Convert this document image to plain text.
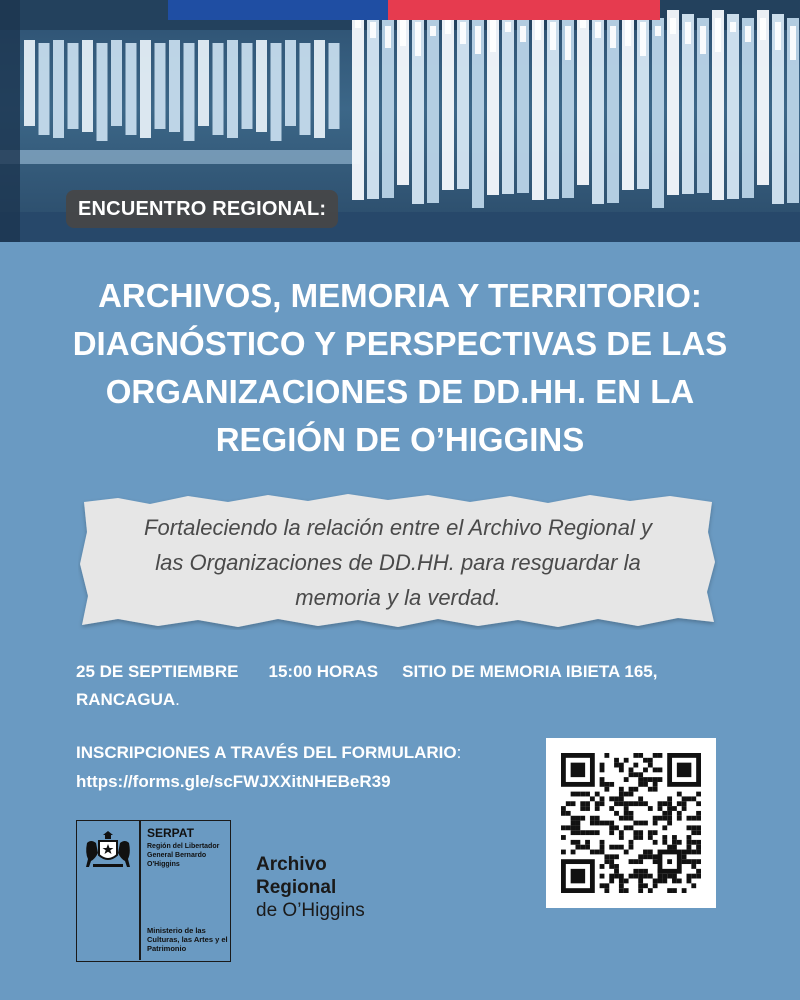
ENCUENTRO REGIONAL:
ARCHIVOS, MEMORIA Y TERRITORIO:
DIAGNÓSTICO Y PERSPECTIVAS DE LAS
ORGANIZACIONES DE DD.HH. EN LA
REGIÓN DE O’HIGGINS
Fortaleciendo la relación entre el Archivo Regional y
las Organizaciones de DD.HH. para resguardar la
memoria y la verdad.
25 DE SEPTIEMBRE 15:00 HORAS SITIO DE MEMORIA IBIETA 165,
RANCAGUA.
INSCRIPCIONES A TRAVÉS DEL FORMULARIO:
https://forms.gle/scFWJXXitNHEBeR39
SERPAT
Región del Libertador General Bernardo O'Higgins
Ministerio de las Culturas, las Artes y el Patrimonio
Archivo
Regional
de O’Higgins
